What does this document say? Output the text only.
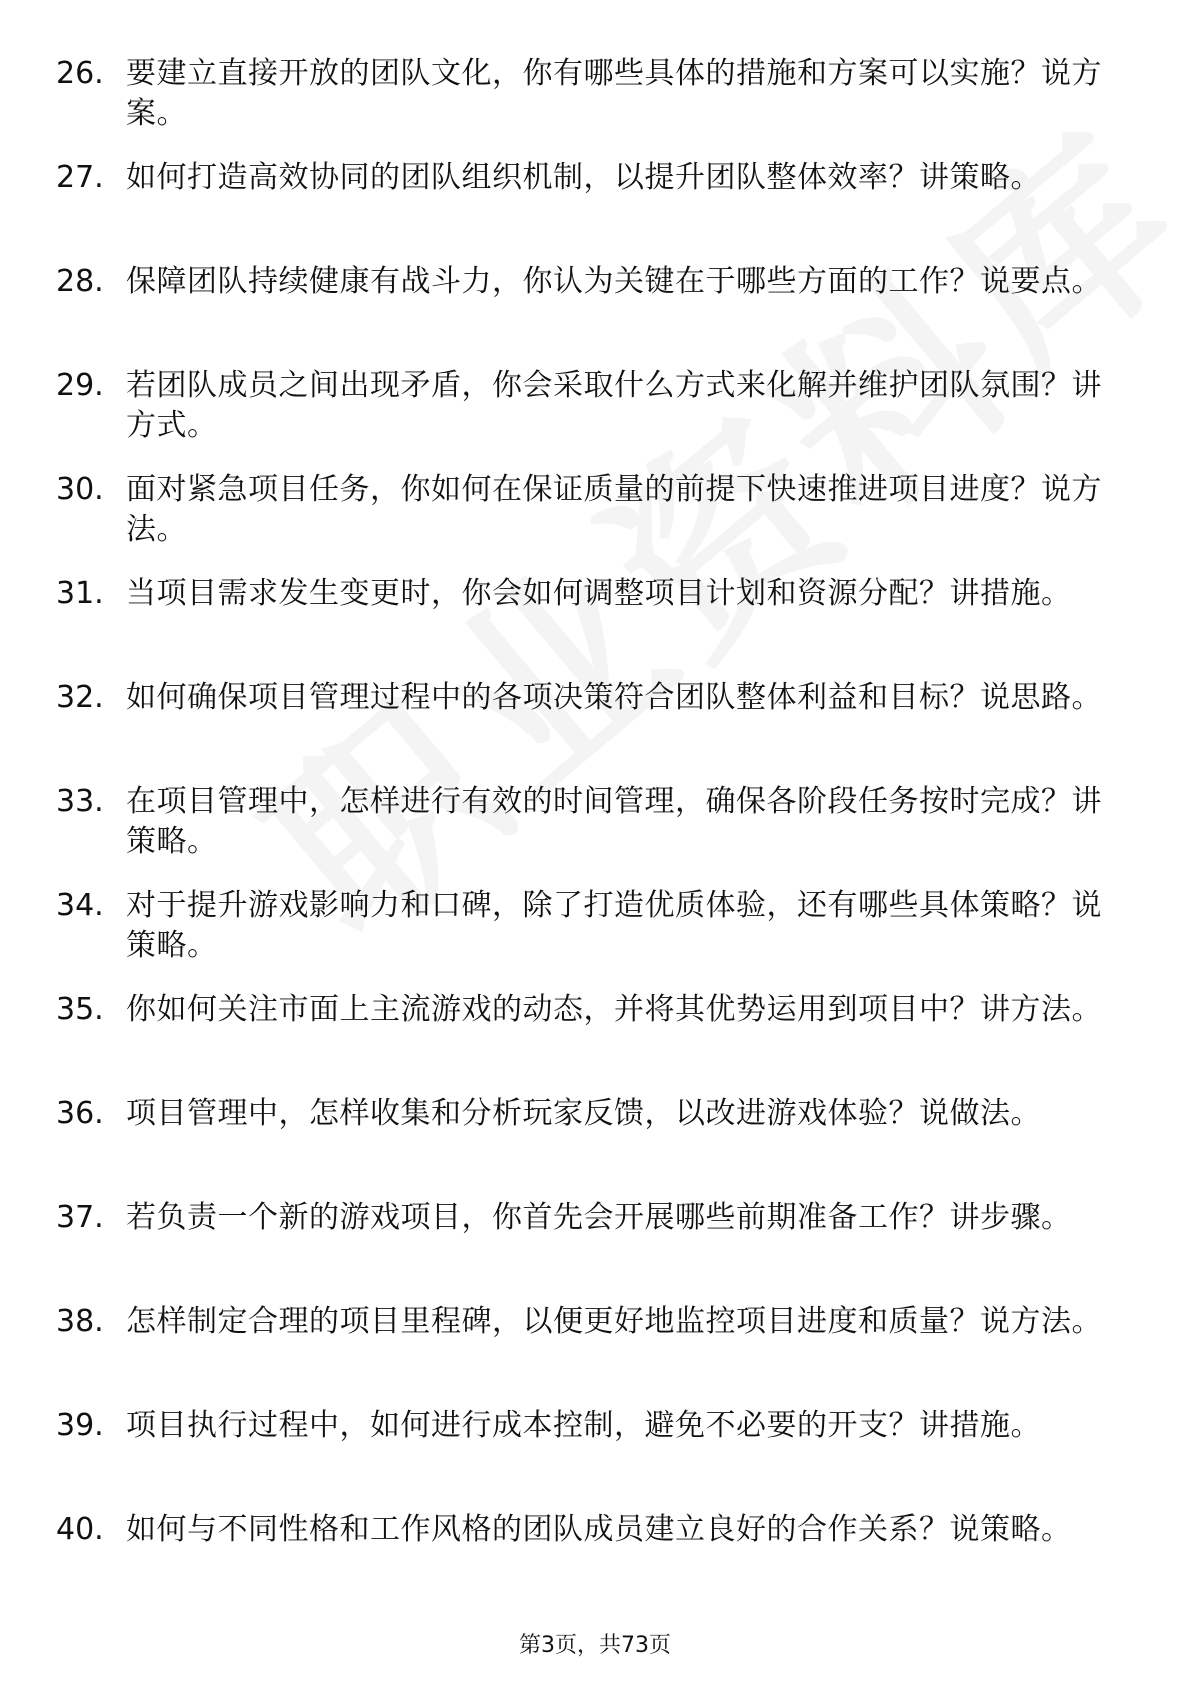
26. 要建立直接开放的团队文化，你有哪些具体的措施和方案可以实施？说方案。
27. 如何打造高效协同的团队组织机制，以提升团队整体效率？讲策略。
28. 保障团队持续健康有战斗力，你认为关键在于哪些方面的工作？说要点。
29. 若团队成员之间出现矛盾，你会采取什么方式来化解并维护团队氛围？讲方式。
30. 面对紧急项目任务，你如何在保证质量的前提下快速推进项目进度？说方法。
31. 当项目需求发生变更时，你会如何调整项目计划和资源分配？讲措施。
32. 如何确保项目管理过程中的各项决策符合团队整体利益和目标？说思路。
33. 在项目管理中，怎样进行有效的时间管理，确保各阶段任务按时完成？讲策略。
34. 对于提升游戏影响力和口碑，除了打造优质体验，还有哪些具体策略？说策略。
35. 你如何关注市面上主流游戏的动态，并将其优势运用到项目中？讲方法。
36. 项目管理中，怎样收集和分析玩家反馈，以改进游戏体验？说做法。
37. 若负责一个新的游戏项目，你首先会开展哪些前期准备工作？讲步骤。
38. 怎样制定合理的项目里程碑，以便更好地监控项目进度和质量？说方法。
39. 项目执行过程中，如何进行成本控制，避免不必要的开支？讲措施。
40. 如何与不同性格和工作风格的团队成员建立良好的合作关系？说策略。
第3页，共73页
